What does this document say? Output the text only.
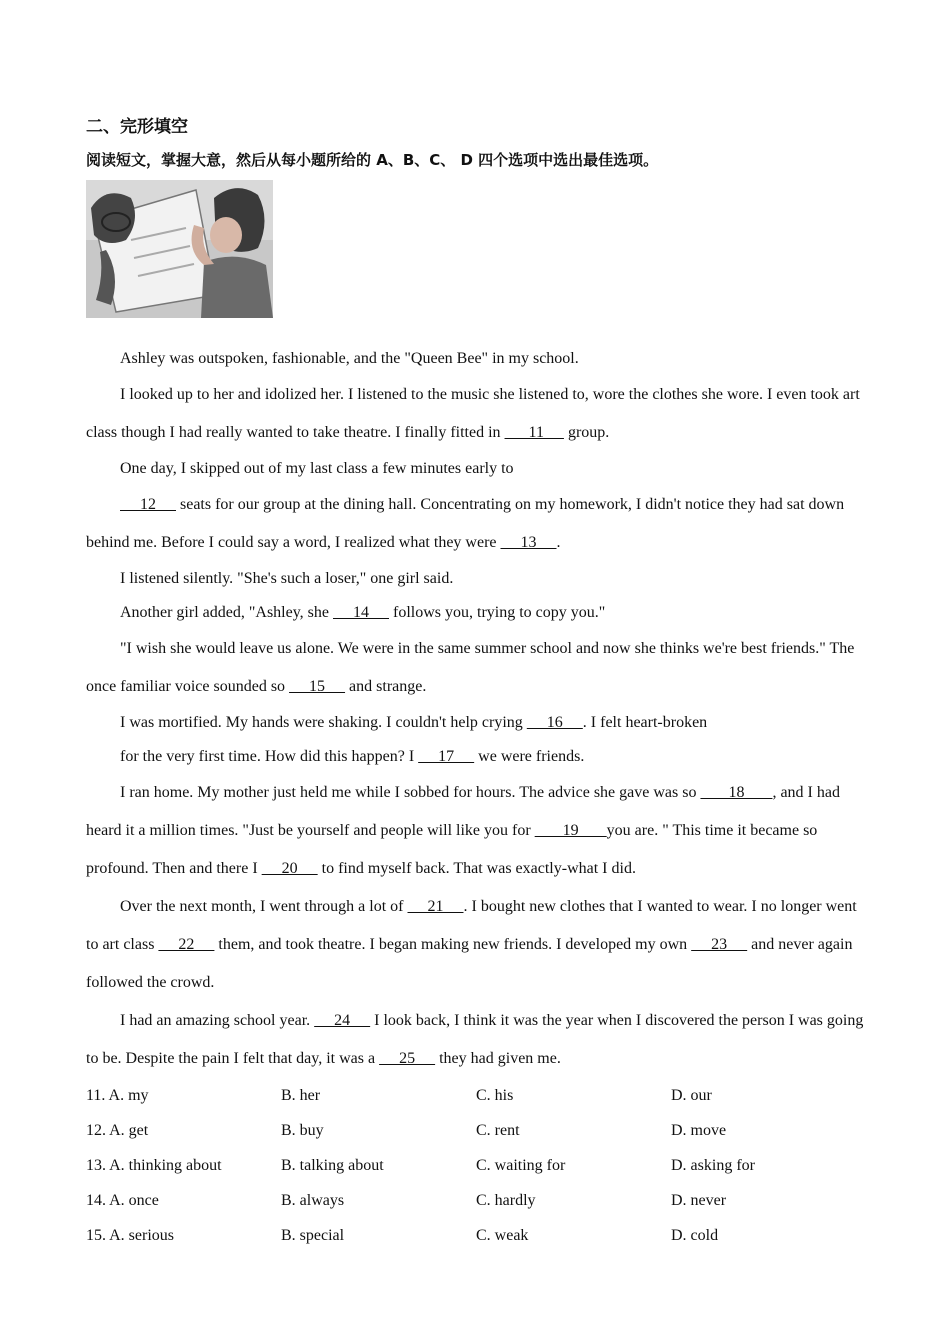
二、完形填空
阅读短文，掌握大意，然后从每小题所给的 A、B、C、 D 四个选项中选出最佳选项。

Ashley was outspoken, fashionable, and the "Queen Bee" in my school.

I looked up to her and idolized her. I listened to the music she listened to, wore the clothes she wore. I even took art class though I had really wanted to take theatre. I finally fitted in       11      group.

One day, I skipped out of my last class a few minutes early to

12      seats for our group at the dining hall. Concentrating on my homework, I didn't notice they had sat down behind me. Before I could say a word, I realized what they were      13     .

I listened silently. "She's such a loser," one girl said.

Another girl added, "Ashley, she      14      follows you, trying to copy you."

"I wish she would leave us alone. We were in the same summer school and now she thinks we're best friends." The once familiar voice sounded so      15      and strange.

I was mortified. My hands were shaking. I couldn't help crying      16     . I felt heart-broken

for the very first time. How did this happen? I      17      we were friends.

I ran home. My mother just held me while I sobbed for hours. The advice she gave was so        18       , and I had heard it a million times. "Just be yourself and people will like you for        19       you are. " This time it became so profound. Then and there I      20      to find myself back. That was exactly-what I did.

Over the next month, I went through a lot of      21     . I bought new clothes that I wanted to wear. I no longer went to art class      22      them, and took theatre. I began making new friends. I developed my own      23      and never again followed the crowd.

I had an amazing school year.      24      I look back, I think it was the year when I discovered the person I was going to be. Despite the pain I felt that day, it was a      25      they had given me.

11. A. my	B. her	C. his	D. our
12. A. get	B. buy	C. rent	D. move
13. A. thinking about	B. talking about	C. waiting for	D. asking for
14. A. once	B. always	C. hardly	D. never
15. A. serious	B. special	C. weak	D. cold
